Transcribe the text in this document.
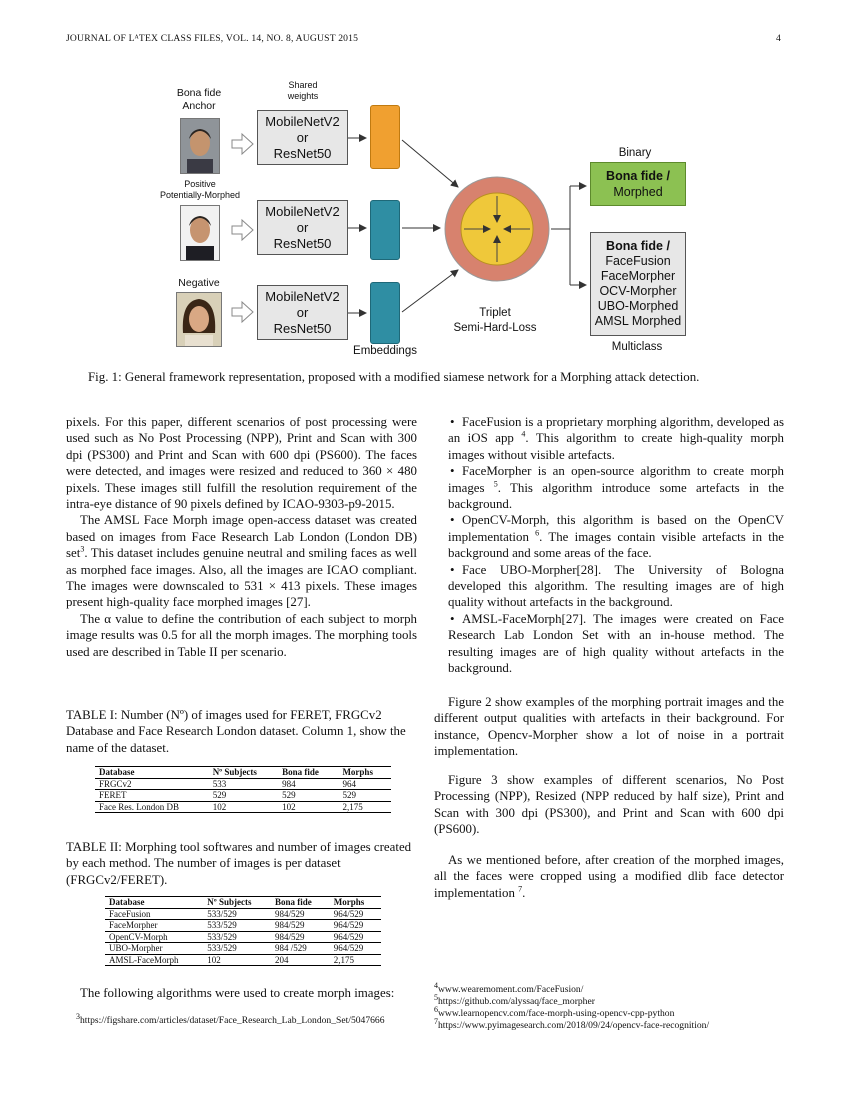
JOURNAL OF LᴬTEX CLASS FILES, VOL. 14, NO. 8, AUGUST 2015	4
Bona fide
Anchor
Shared
weights
Positive
Potentially-Morphed
Negative
MobileNetV2
or
ResNet50
MobileNetV2
or
ResNet50
MobileNetV2
or
ResNet50
Embeddings
Triplet
Semi-Hard-Loss
Binary
Bona fide /
Morphed
Bona fide /
FaceFusion
FaceMorpher
OCV-Morpher
UBO-Morphed
AMSL Morphed
Multiclass
Fig. 1: General framework representation, proposed with a modified siamese network for a Morphing attack detection.

pixels. For this paper, different scenarios of post processing were used such as No Post Processing (NPP), Print and Scan with 300 dpi (PS300) and Print and Scan with 600 dpi (PS600). The faces were detected, and images were resized and reduced to 360 × 480 pixels. These images still fulfill the resolution requirement of the intra-eye distance of 90 pixels defined by ICAO-9303-p9-2015.

The AMSL Face Morph image open-access dataset was created based on images from Face Research Lab London (London DB) set$^3$. This dataset includes genuine neutral and smiling faces as well as morphed face images. Also, all the images are ICAO compliant. The images were downscaled to 531 × 413 pixels. These images present high-quality face morphed images [27].

The α value to define the contribution of each subject to morph image results was 0.5 for all the morph images. The morphing tools used are described in Table II per scenario.

TABLE I: Number (Nº) of images used for FERET, FRGCv2 Database and Face Research London dataset. Column 1, show the name of the dataset.
Database	Nº Subjects	Bona fide	Morphs
FRGCv2	533	984	964
FERET	529	529	529
Face Res. London DB	102	102	2,175
TABLE II: Morphing tool softwares and number of images created by each method. The number of images is per dataset (FRGCv2/FERET).
Database	Nº Subjects	Bona fide	Morphs
FaceFusion	533/529	984/529	964/529
FaceMorpher	533/529	984/529	964/529
OpenCV-Morph	533/529	984/529	964/529
UBO-Morpher	533/529	984 /529	964/529
AMSL-FaceMorph	102	204	2,175
The following algorithms were used to create morph images:
$^3$https://figshare.com/articles/dataset/Face_Research_Lab_London_Set/5047666

• FaceFusion is a proprietary morphing algorithm, developed as an iOS app $^4$. This algorithm to create high-quality morph images without visible artefacts.

• FaceMorpher is an open-source algorithm to create morph images $^5$. This algorithm introduce some artefacts in the background.

• OpenCV-Morph, this algorithm is based on the OpenCV implementation $^6$. The images contain visible artefacts in the background and some areas of the face.

• Face UBO-Morpher[28]. The University of Bologna developed this algorithm. The resulting images are of high quality without artefacts in the background.

• AMSL-FaceMorph[27]. The images were created on Face Research Lab London Set with an in-house method. The resulting images are of high quality without artefacts in the background.

Figure 2 show examples of the morphing portrait images and the different output qualities with artefacts in their background. For instance, Opencv-Morpher show a lot of noise in a portrait implementation.

Figure 3 show examples of different scenarios, No Post Processing (NPP), Resized (NPP reduced by half size), Print and Scan with 300 dpi (PS300), and Print and Scan with 600 dpi (PS600).

As we mentioned before, after creation of the morphed images, all the faces were cropped using a modified dlib face detector implementation $^7$.

$^4$www.wearemoment.com/FaceFusion/
$^5$https://github.com/alyssaq/face_morpher
$^6$www.learnopencv.com/face-morph-using-opencv-cpp-python
$^7$https://www.pyimagesearch.com/2018/09/24/opencv-face-recognition/
